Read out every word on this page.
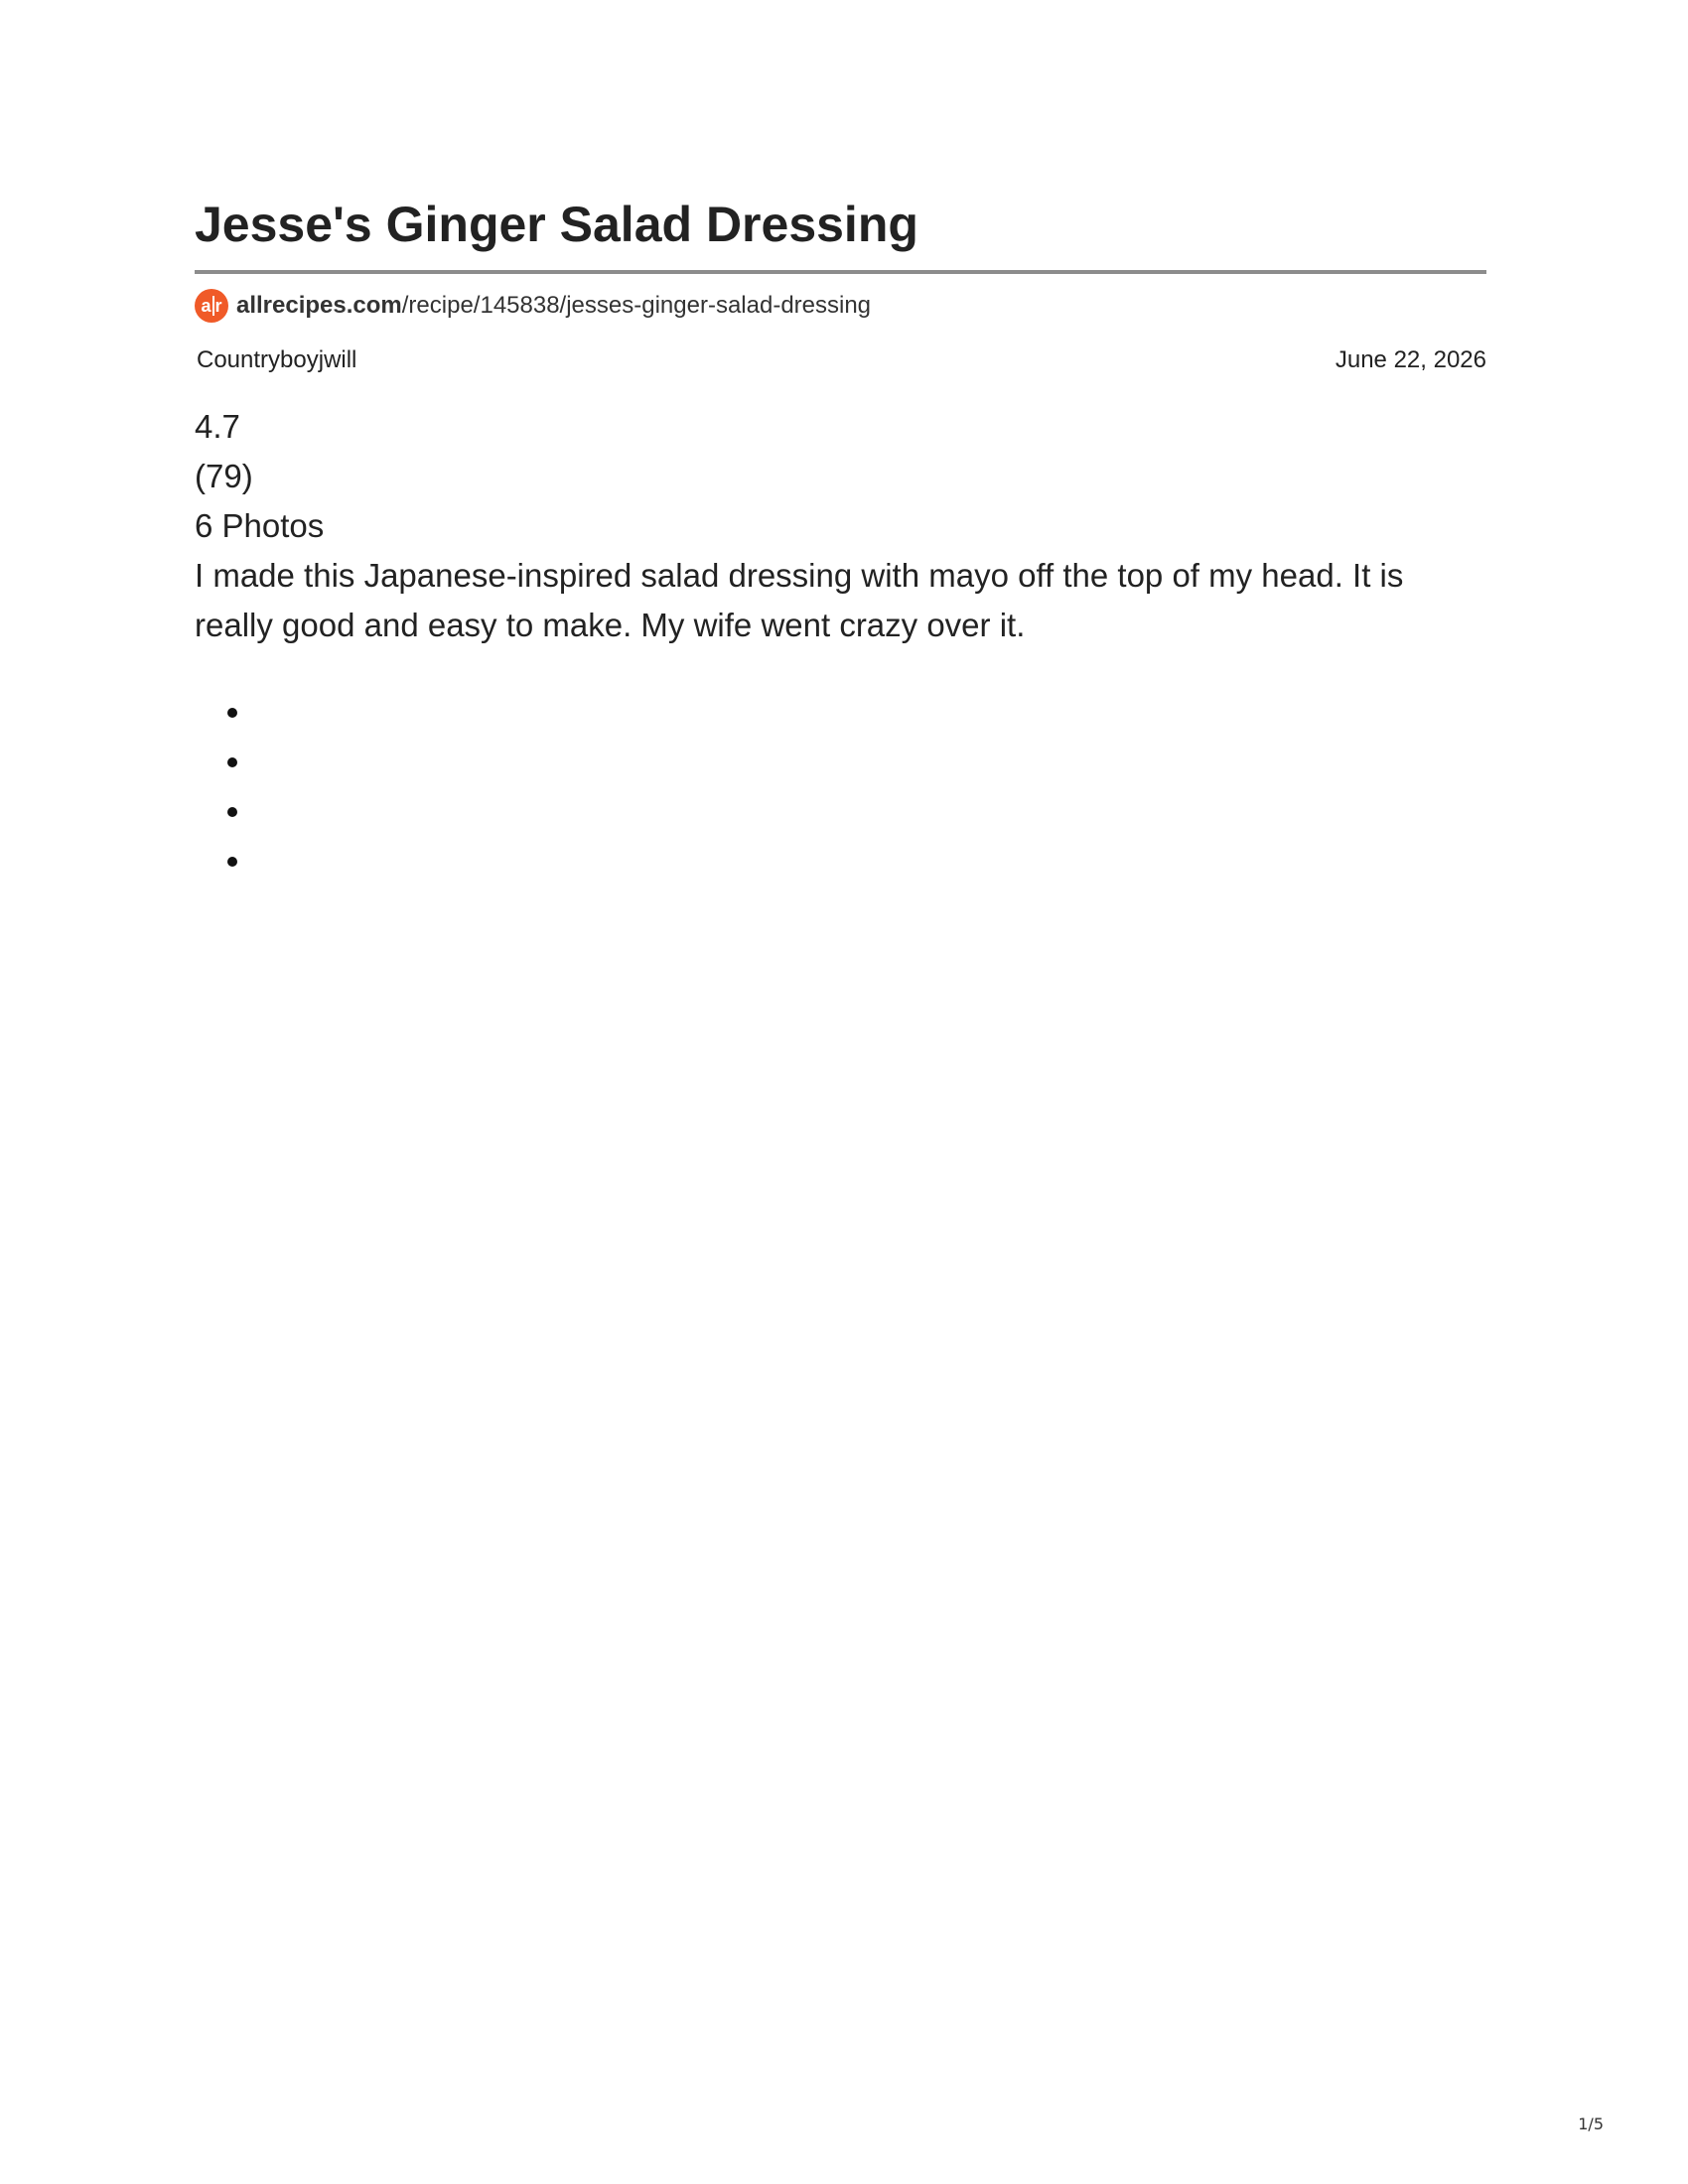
Jesse's Ginger Salad Dressing
a r allrecipes.com /recipe/145838/jesses-ginger-salad-dressing
Countryboyjwill	June 22, 2026
4.7
(79)
6 Photos

I made this Japanese-inspired salad dressing with mayo off the top of my head. It is really good and easy to make. My wife went crazy over it.

1/5
